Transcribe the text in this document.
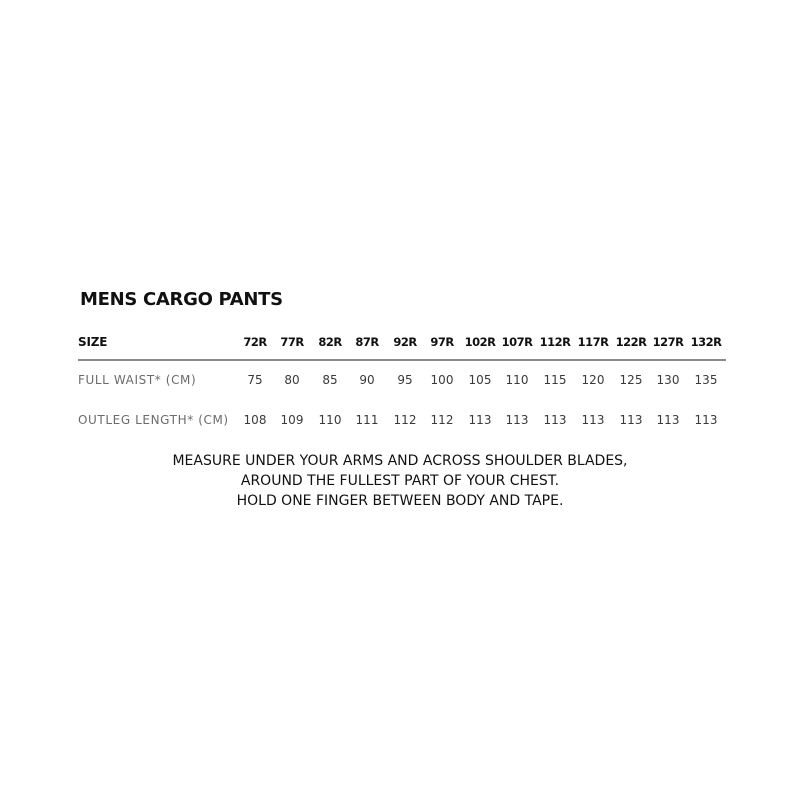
MENS CARGO PANTS
SIZE	72R	77R	82R	87R	92R	97R 102R 107R 112R 117R 122R 127R 132R
FULL WAIST* (CM)	75	80	85	90	95	100	105	110	115	120	125	130	135
OUTLEG LENGTH* (CM)	108	109	110	111	112	112	113	113	113	113	113	113	113
MEASURE UNDER YOUR ARMS AND ACROSS SHOULDER BLADES,
AROUND THE FULLEST PART OF YOUR CHEST.
HOLD ONE FINGER BETWEEN BODY AND TAPE.
